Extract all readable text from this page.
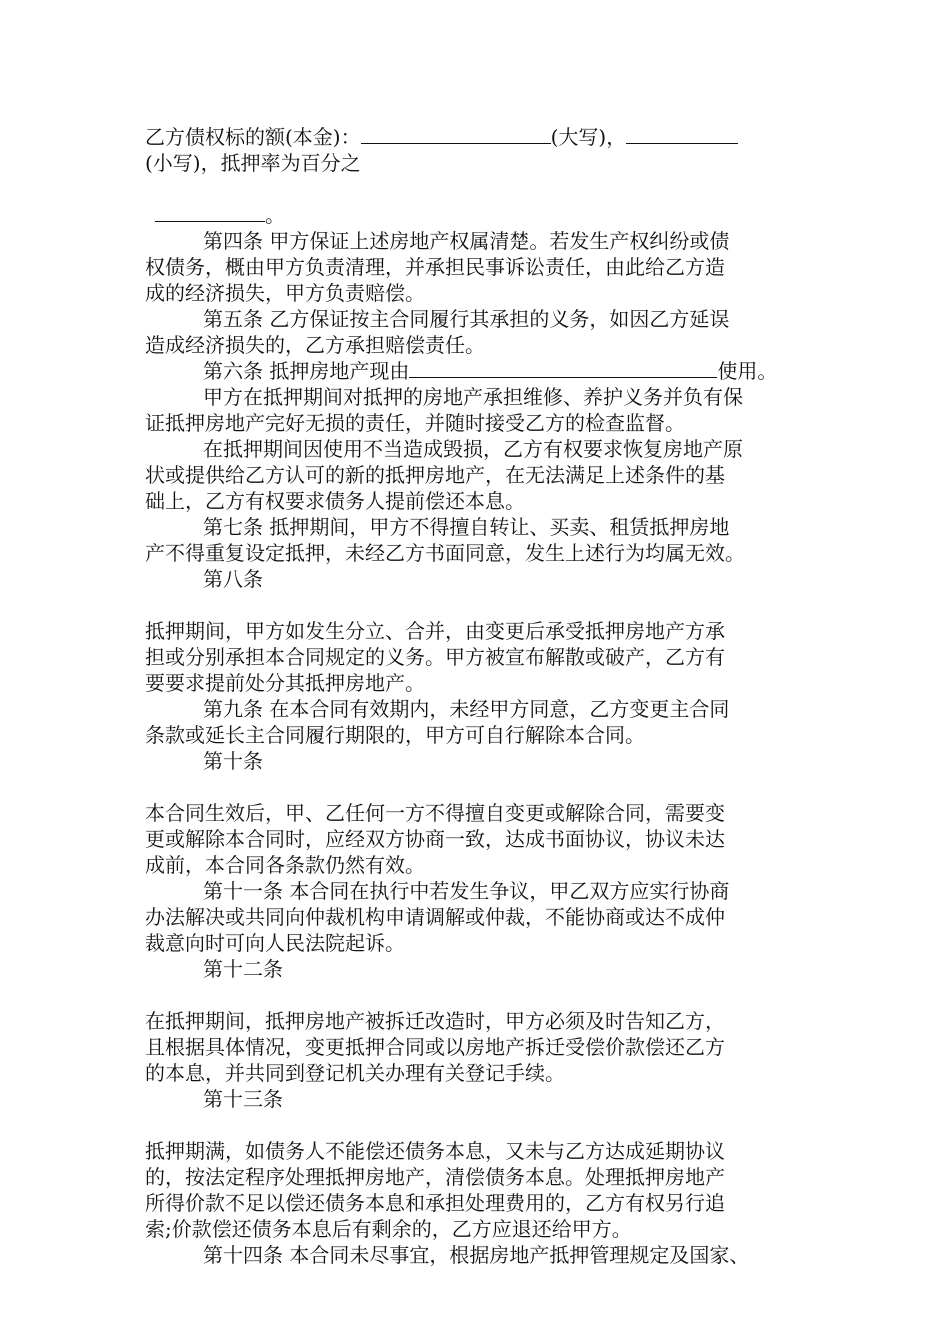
乙方债权标的额(本金)：	(大写)，
(小写)，抵押率为百分之
。
第四条 甲方保证上述房地产权属清楚。若发生产权纠纷或债
权债务，概由甲方负责清理，并承担民事诉讼责任，由此给乙方造
成的经济损失，甲方负责赔偿。
第五条 乙方保证按主合同履行其承担的义务，如因乙方延误
造成经济损失的，乙方承担赔偿责任。
第六条 抵押房地产现由	使用。
甲方在抵押期间对抵押的房地产承担维修、养护义务并负有保
证抵押房地产完好无损的责任，并随时接受乙方的检查监督。
在抵押期间因使用不当造成毁损，乙方有权要求恢复房地产原
状或提供给乙方认可的新的抵押房地产，在无法满足上述条件的基
础上，乙方有权要求债务人提前偿还本息。
第七条 抵押期间，甲方不得擅自转让、买卖、租赁抵押房地
产不得重复设定抵押，未经乙方书面同意，发生上述行为均属无效。
第八条
抵押期间，甲方如发生分立、合并，由变更后承受抵押房地产方承
担或分别承担本合同规定的义务。甲方被宣布解散或破产，乙方有
要要求提前处分其抵押房地产。
第九条 在本合同有效期内，未经甲方同意，乙方变更主合同
条款或延长主合同履行期限的，甲方可自行解除本合同。
第十条
本合同生效后，甲、乙任何一方不得擅自变更或解除合同，需要变
更或解除本合同时，应经双方协商一致，达成书面协议，协议未达
成前，本合同各条款仍然有效。
第十一条 本合同在执行中若发生争议，甲乙双方应实行协商
办法解决或共同向仲裁机构申请调解或仲裁，不能协商或达不成仲
裁意向时可向人民法院起诉。
第十二条
在抵押期间，抵押房地产被拆迁改造时，甲方必须及时告知乙方，
且根据具体情况，变更抵押合同或以房地产拆迁受偿价款偿还乙方
的本息，并共同到登记机关办理有关登记手续。
第十三条
抵押期满，如债务人不能偿还债务本息，又未与乙方达成延期协议
的，按法定程序处理抵押房地产，清偿债务本息。处理抵押房地产
所得价款不足以偿还债务本息和承担处理费用的，乙方有权另行追
索;价款偿还债务本息后有剩余的，乙方应退还给甲方。
第十四条 本合同未尽事宜，根据房地产抵押管理规定及国家、
